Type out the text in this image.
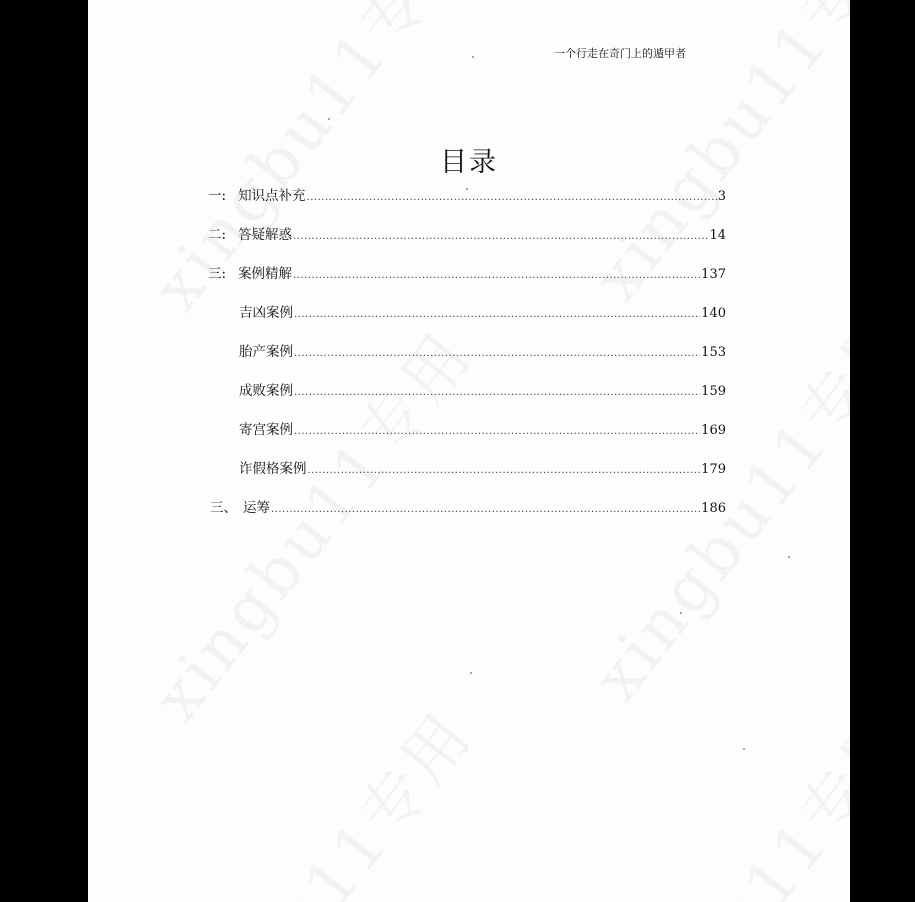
一个行走在奇门上的遁甲者
目录
一: 知识点补充 .....	3
二: 答疑解惑 .....	14
三: 案例精解 .....	137
吉凶案例 .....	140
胎产案例 .....	153
成败案例 .....	159
寄宫案例 .....	169
诈假格案例 .....	179
三、 运筹 .....	186
